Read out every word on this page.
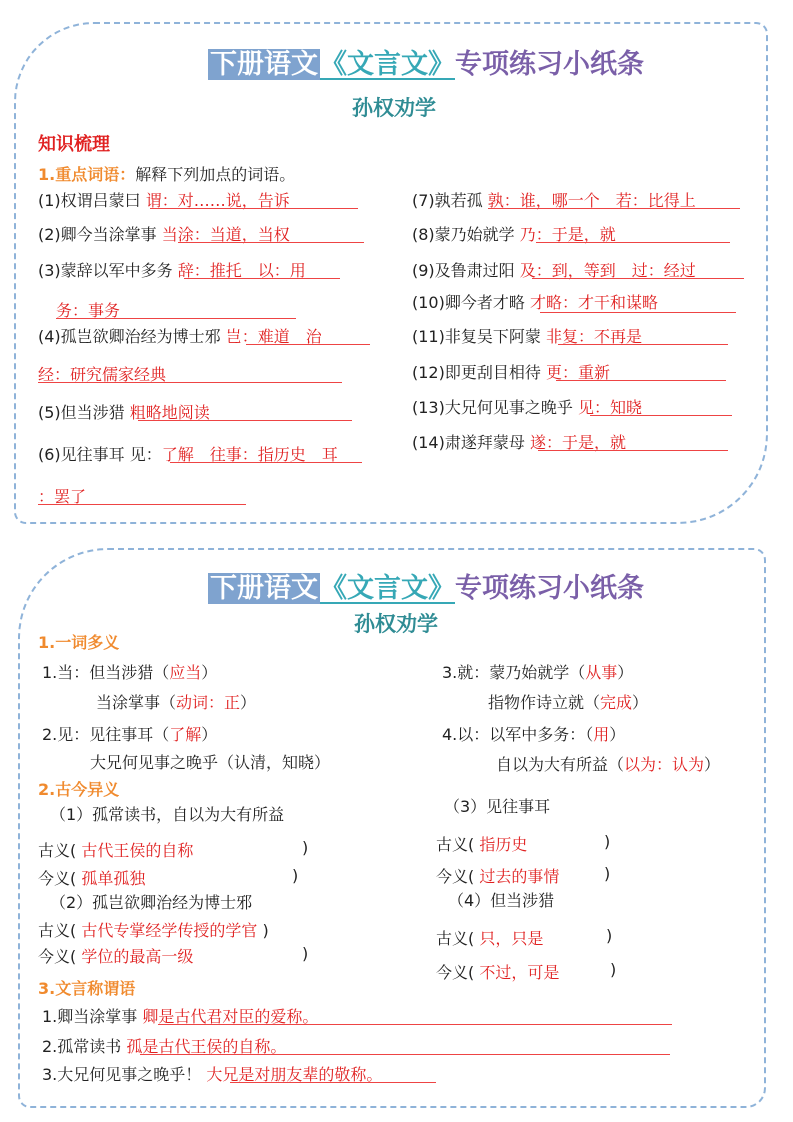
下册语文《文言文》专项练习小纸条
孙权劝学
知识梳理
1.重点词语：解释下列加点的词语。
(1)权谓吕蒙曰 谓：对……说，告诉
(2)卿今当涂掌事 当涂：当道，当权
(3)蒙辞以军中多务 辞：推托　以：用
务：事务
(4)孤岂欲卿治经为博士邪 岂：难道　治
经：研究儒家经典
(5)但当涉猎 粗略地阅读
(6)见往事耳 见：了解　往事：指历史　耳
：罢了
(7)孰若孤 孰：谁，哪一个　若：比得上
(8)蒙乃始就学 乃：于是，就
(9)及鲁肃过阳 及：到，等到　过：经过
(10)卿今者才略 才略：才干和谋略
(11)非复吴下阿蒙 非复：不再是
(12)即更刮目相待 更：重新
(13)大兄何见事之晚乎 见：知晓
(14)肃遂拜蒙母 遂：于是，就
下册语文《文言文》专项练习小纸条
孙权劝学
1.一词多义
1.当：但当涉猎（应当）
当涂掌事（动词：正）
2.见：见往事耳（了解）
大兄何见事之晚乎（认清，知晓）
3.就：蒙乃始就学（从事）
指物作诗立就（完成）
4.以：以军中多务：（用）
自以为大有所益（以为：认为）
2.古今异义
（1）孤常读书，自以为大有所益
古义( 古代王侯的自称	)
今义( 孤单孤独	)
（2）孤岂欲卿治经为博士邪
古义( 古代专掌经学传授的学官 )
今义( 学位的最高一级	)
（3）见往事耳
古义( 指历史	)
今义( 过去的事情	)
（4）但当涉猎
古义( 只，只是	)
今义( 不过，可是	)
3.文言称谓语
1.卿当涂掌事 卿是古代君对臣的爱称。
2.孤常读书 孤是古代王侯的自称。
3.大兄何见事之晚乎！ 大兄是对朋友辈的敬称。
